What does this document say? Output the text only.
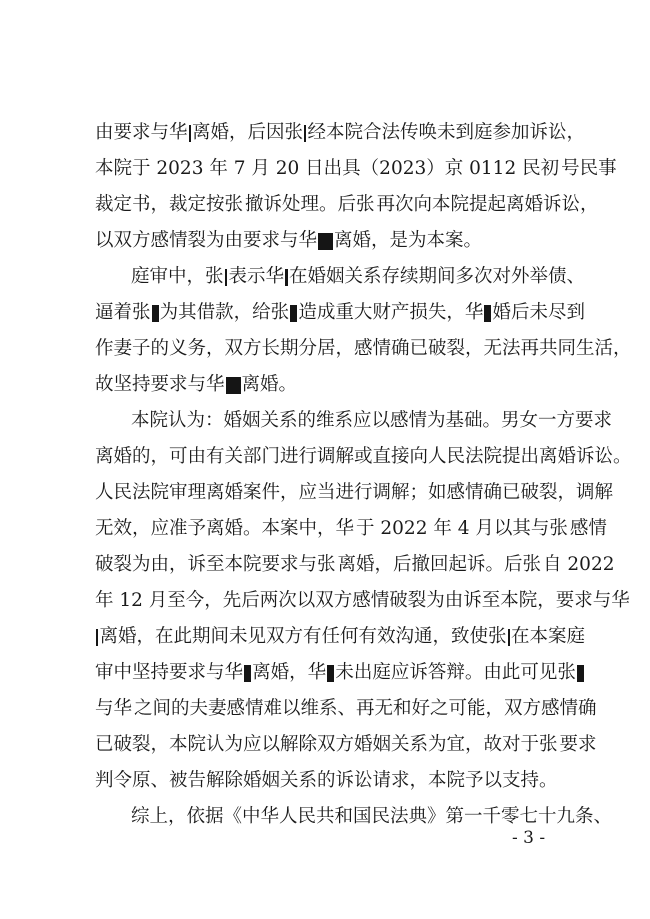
由要求与华 离婚，后因张 经本院合法传唤未到庭参加诉讼，
本院于 2023 年 7 月 20 日出具（2023）京 0112 民初 号民事
裁定书，裁定按张 撤诉处理。后张 再次向本院提起离婚诉讼，
以双方感情裂为由要求与华 离婚，是为本案。
庭审中，张 表示华 在婚姻关系存续期间多次对外举债、
逼着张 为其借款，给张 造成重大财产损失，华 婚后未尽到
作妻子的义务，双方长期分居，感情确已破裂，无法再共同生活，
故坚持要求与华 离婚。
本院认为：婚姻关系的维系应以感情为基础。男女一方要求
离婚的，可由有关部门进行调解或直接向人民法院提出离婚诉讼。
人民法院审理离婚案件，应当进行调解；如感情确已破裂，调解
无效，应准予离婚。本案中，华 于 2022 年 4 月以其与张 感情
破裂为由，诉至本院要求与张 离婚，后撤回起诉。后张 自 2022
年 12 月至今，先后两次以双方感情破裂为由诉至本院，要求与华
离婚，在此期间未见双方有任何有效沟通，致使张 在本案庭
审中坚持要求与华 离婚，华 未出庭应诉答辩。由此可见张
与华 之间的夫妻感情难以维系、再无和好之可能，双方感情确
已破裂，本院认为应以解除双方婚姻关系为宜，故对于张 要求
判令原、被告解除婚姻关系的诉讼请求，本院予以支持。
综上，依据《中华人民共和国民法典》第一千零七十九条、
- 3 -
